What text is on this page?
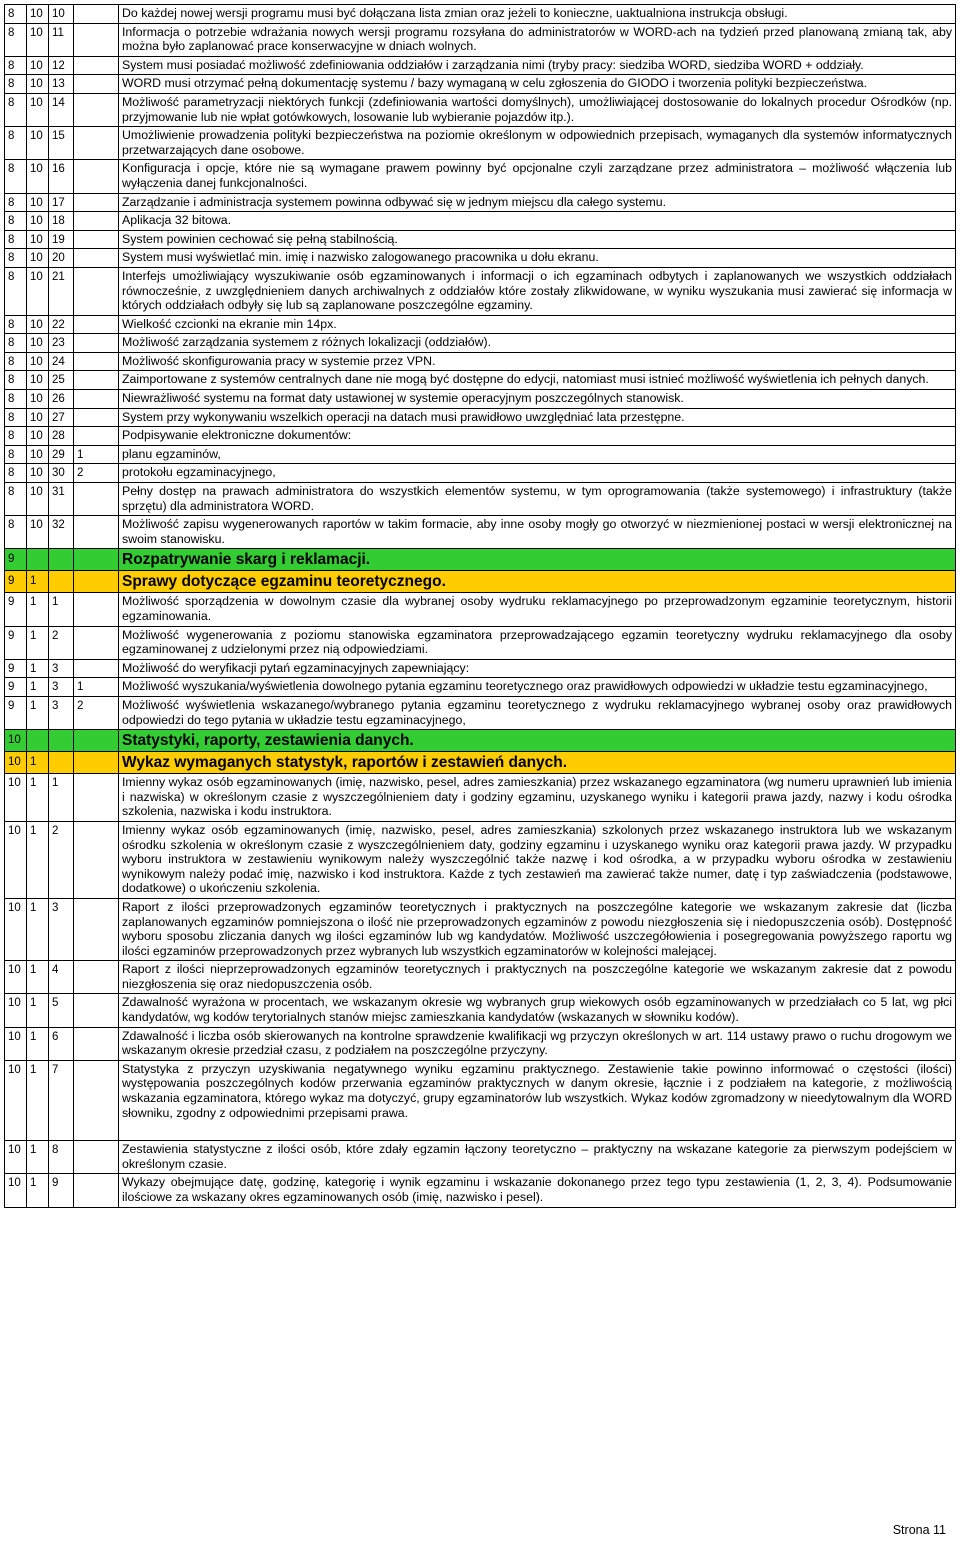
8	10	10		Do każdej nowej wersji programu musi być dołączana lista zmian oraz jeżeli to konieczne, uaktualniona instrukcja obsługi.
8	10	11		Informacja o potrzebie wdrażania nowych wersji programu rozsyłana do administratorów w WORD-ach na tydzień przed planowaną zmianą tak, aby można było zaplanować prace konserwacyjne w dniach wolnych.
8	10	12		System musi posiadać możliwość zdefiniowania oddziałów i zarządzania nimi (tryby pracy: siedziba WORD, siedziba WORD + oddziały.
8	10	13		WORD musi otrzymać pełną dokumentację systemu / bazy wymaganą w celu zgłoszenia do GIODO i tworzenia polityki bezpieczeństwa.
8	10	14		Możliwość parametryzacji niektórych funkcji (zdefiniowania wartości domyślnych), umożliwiającej dostosowanie do lokalnych procedur Ośrodków (np. przyjmowanie lub nie wpłat gotówkowych, losowanie lub wybieranie pojazdów itp.).
8	10	15		Umożliwienie prowadzenia polityki bezpieczeństwa na poziomie określonym w odpowiednich przepisach, wymaganych dla systemów informatycznych przetwarzających dane osobowe.
8	10	16		Konfiguracja i opcje, które nie są wymagane prawem powinny być opcjonalne czyli zarządzane przez administratora – możliwość włączenia lub wyłączenia danej funkcjonalności.
8	10	17		Zarządzanie i administracja systemem powinna odbywać się w jednym miejscu dla całego systemu.
8	10	18		Aplikacja 32 bitowa.
8	10	19		System powinien cechować się pełną stabilnością.
8	10	20		System musi wyświetlać min. imię i nazwisko zalogowanego pracownika u dołu ekranu.
8	10	21		Interfejs umożliwiający wyszukiwanie osób egzaminowanych i informacji o ich egzaminach odbytych i zaplanowanych we wszystkich oddziałach równocześnie, z uwzględnieniem danych archiwalnych z oddziałów które zostały zlikwidowane, w wyniku wyszukania musi zawierać się informacja w których oddziałach odbyły się lub są zaplanowane poszczególne egzaminy.
8	10	22		Wielkość czcionki na ekranie min 14px.
8	10	23		Możliwość zarządzania systemem z różnych lokalizacji (oddziałów).
8	10	24		Możliwość skonfigurowania pracy w systemie przez VPN.
8	10	25		Zaimportowane z systemów centralnych dane nie mogą być dostępne do edycji, natomiast musi istnieć możliwość wyświetlenia ich pełnych danych.
8	10	26		Niewrażliwość systemu na format daty ustawionej w systemie operacyjnym poszczególnych stanowisk.
8	10	27		System przy wykonywaniu wszelkich operacji na datach musi prawidłowo uwzględniać lata przestępne.
8	10	28		Podpisywanie elektroniczne dokumentów:
8	10	29	1	planu egzaminów,
8	10	30	2	protokołu egzaminacyjnego,
8	10	31		Pełny dostęp na prawach administratora do wszystkich elementów systemu, w tym oprogramowania (także systemowego) i infrastruktury (także sprzętu) dla administratora WORD.
8	10	32		Możliwość zapisu wygenerowanych raportów w takim formacie, aby inne osoby mogły go otworzyć w niezmienionej postaci w wersji elektronicznej na swoim stanowisku.
9				Rozpatrywanie skarg i reklamacji.
9	1			Sprawy dotyczące egzaminu teoretycznego.
9	1	1		Możliwość sporządzenia w dowolnym czasie dla wybranej osoby wydruku reklamacyjnego po przeprowadzonym egzaminie teoretycznym, historii egzaminowania.
9	1	2		Możliwość wygenerowania z poziomu stanowiska egzaminatora przeprowadzającego egzamin teoretyczny wydruku reklamacyjnego dla osoby egzaminowanej z udzielonymi przez nią odpowiedziami.
9	1	3		Możliwość do weryfikacji pytań egzaminacyjnych zapewniający:
9	1	3	1	Możliwość wyszukania/wyświetlenia dowolnego pytania egzaminu teoretycznego oraz prawidłowych odpowiedzi w układzie testu egzaminacyjnego,
9	1	3	2	Możliwość wyświetlenia wskazanego/wybranego pytania egzaminu teoretycznego z wydruku reklamacyjnego wybranej osoby oraz prawidłowych odpowiedzi do tego pytania w układzie testu egzaminacyjnego,
10				Statystyki, raporty, zestawienia danych.
10	1			Wykaz wymaganych statystyk, raportów i zestawień danych.
10	1	1		Imienny wykaz osób egzaminowanych (imię, nazwisko, pesel, adres zamieszkania) przez wskazanego egzaminatora (wg numeru uprawnień lub imienia i nazwiska) w określonym czasie z wyszczególnieniem daty i godziny egzaminu, uzyskanego wyniku i kategorii prawa jazdy, nazwy i kodu ośrodka szkolenia, nazwiska i kodu instruktora.
10	1	2		Imienny wykaz osób egzaminowanych (imię, nazwisko, pesel, adres zamieszkania) szkolonych przez wskazanego instruktora lub we wskazanym ośrodku szkolenia w określonym czasie z wyszczególnieniem daty, godziny egzaminu i uzyskanego wyniku oraz kategorii prawa jazdy. W przypadku wyboru instruktora w zestawieniu wynikowym należy wyszczególnić także nazwę i kod ośrodka, a w przypadku wyboru ośrodka w zestawieniu wynikowym należy podać imię, nazwisko i kod instruktora. Każde z tych zestawień ma zawierać także numer, datę i typ zaświadczenia (podstawowe, dodatkowe) o ukończeniu szkolenia.
10	1	3		Raport z ilości przeprowadzonych egzaminów teoretycznych i praktycznych na poszczególne kategorie we wskazanym zakresie dat (liczba zaplanowanych egzaminów pomniejszona o ilość nie przeprowadzonych egzaminów z powodu niezgłoszenia się i niedopuszczenia osób). Dostępność wyboru sposobu zliczania danych wg ilości egzaminów lub wg kandydatów. Możliwość uszczegółowienia i posegregowania powyższego raportu wg ilości egzaminów przeprowadzonych przez wybranych lub wszystkich egzaminatorów w kolejności malejącej.
10	1	4		Raport z ilości nieprzeprowadzonych egzaminów teoretycznych i praktycznych na poszczególne kategorie we wskazanym zakresie dat z powodu niezgłoszenia się oraz niedopuszczenia osób.
10	1	5		Zdawalność wyrażona w procentach, we wskazanym okresie wg wybranych grup wiekowych osób egzaminowanych w przedziałach co 5 lat, wg płci kandydatów, wg kodów terytorialnych stanów miejsc zamieszkania kandydatów (wskazanych w słowniku kodów).
10	1	6		Zdawalność i liczba osób skierowanych na kontrolne sprawdzenie kwalifikacji wg przyczyn określonych w art. 114 ustawy prawo o ruchu drogowym we wskazanym okresie przedział czasu, z podziałem na poszczególne przyczyny.
10	1	7		Statystyka z przyczyn uzyskiwania negatywnego wyniku egzaminu praktycznego. Zestawienie takie powinno informować o częstości (ilości) występowania poszczególnych kodów przerwania egzaminów praktycznych w danym okresie, łącznie i z podziałem na kategorie, z możliwością wskazania egzaminatora, którego wykaz ma dotyczyć, grupy egzaminatorów lub wszystkich. Wykaz kodów zgromadzony w nieedytowalnym dla WORD słowniku, zgodny z odpowiednimi przepisami prawa.
10	1	8		Zestawienia statystyczne z ilości osób, które zdały egzamin łączony teoretyczno – praktyczny na wskazane kategorie za pierwszym podejściem w określonym czasie.
10	1	9		Wykazy obejmujące datę, godzinę, kategorię i wynik egzaminu i wskazanie dokonanego przez tego typu zestawienia (1, 2, 3, 4). Podsumowanie ilościowe za wskazany okres egzaminowanych osób (imię, nazwisko i pesel).
Strona 11
